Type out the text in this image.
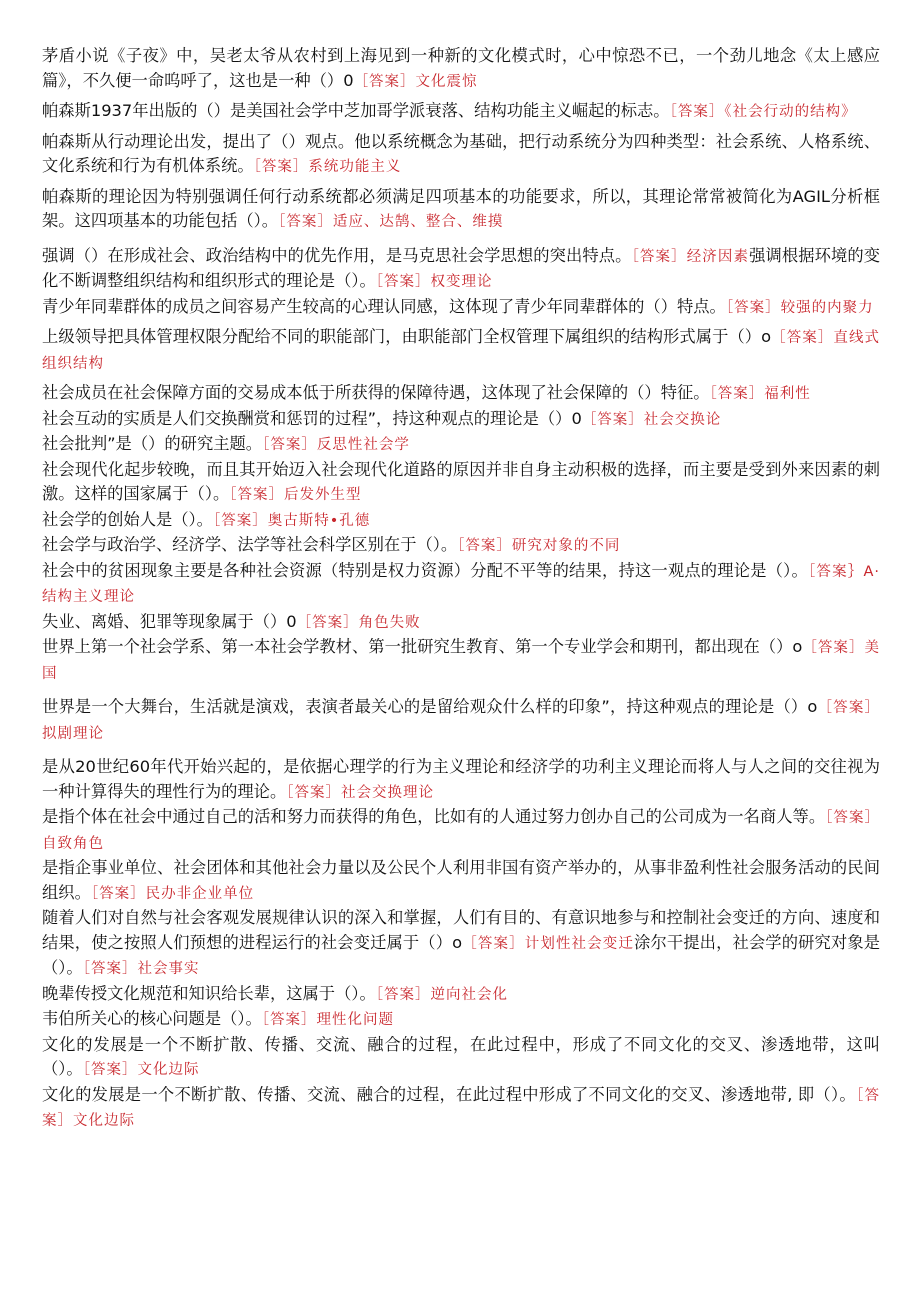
茅盾小说《子夜》中，吴老太爷从农村到上海见到一种新的文化模式时，心中惊恐不已，一个劲儿地念《太上感应篇》，不久便一命呜呼了，这也是一种（）0［答案］文化震惊

帕森斯1937年出版的（）是美国社会学中芝加哥学派衰落、结构功能主义崛起的标志。［答案］《社会行动的结构》

帕森斯从行动理论出发，提出了（）观点。他以系统概念为基础，把行动系统分为四种类型：社会系统、人格系统、文化系统和行为有机体系统。［答案］系统功能主义

帕森斯的理论因为特别强调任何行动系统都必须满足四项基本的功能要求，所以，其理论常常被简化为AGIL分析框架。这四项基本的功能包括（）。［答案］适应、达鹄、整合、维摸

强调（）在形成社会、政治结构中的优先作用，是马克思社会学思想的突出特点。［答案］经济因素强调根据环境的变化不断调整组织结构和组织形式的理论是（）。［答案］权变理论

青少年同辈群体的成员之间容易产生较高的心理认同感，这体现了青少年同辈群体的（）特点。［答案］较强的内聚力

上级领导把具体管理权限分配给不同的职能部门，由职能部门全权管理下属组织的结构形式属于（）o［答案］直线式组织结构

社会成员在社会保障方面的交易成本低于所获得的保障待遇，这体现了社会保障的（）特征。［答案］福利性

社会互动的实质是人们交换酬赏和惩罚的过程”，持这种观点的理论是（）0［答案］社会交换论

社会批判”是（）的研究主题。［答案］反思性社会学

社会现代化起步较晚，而且其开始迈入社会现代化道路的原因并非自身主动积极的选择，而主要是受到外来因素的刺激。这样的国家属于（）。［答案］后发外生型

社会学的创始人是（）。［答案］奥古斯特•孔德

社会学与政治学、经济学、法学等社会科学区别在于（）。［答案］研究对象的不同

社会中的贫困现象主要是各种社会资源（特别是权力资源）分配不平等的结果，持这一观点的理论是（）。［答案｝A·结构主义理论

失业、离婚、犯罪等现象属于（）0［答案］角色失败

世界上第一个社会学系、第一本社会学教材、第一批研究生教育、第一个专业学会和期刊，都出现在（）o［答案］美国

世界是一个大舞台，生活就是演戏，表演者最关心的是留给观众什么样的印象”，持这种观点的理论是（）o［答案］拟剧理论

是从20世纪60年代开始兴起的，是依据心理学的行为主义理论和经济学的功利主义理论而将人与人之间的交往视为一种计算得失的理性行为的理论。［答案］社会交换理论

是指个体在社会中通过自己的活和努力而获得的角色，比如有的人通过努力创办自己的公司成为一名商人等。［答案］自致角色

是指企事业单位、社会团体和其他社会力量以及公民个人利用非国有资产举办的，从事非盈利性社会服务活动的民间组织。［答案］民办非企业单位

随着人们对自然与社会客观发展规律认识的深入和掌握，人们有目的、有意识地参与和控制社会变迁的方向、速度和结果，使之按照人们预想的进程运行的社会变迁属于（）o［答案］计划性社会变迁涂尔干提出，社会学的研究对象是（）。［答案］社会事实

晚辈传授文化规范和知识给长辈，这属于（）。［答案］逆向社会化

韦伯所关心的核心问题是（）。［答案］理性化问题

文化的发展是一个不断扩散、传播、交流、融合的过程，在此过程中，形成了不同文化的交叉、渗透地带，这叫（）。［答案］文化边际

文化的发展是一个不断扩散、传播、交流、融合的过程，在此过程中形成了不同文化的交叉、渗透地带, 即（）。［答案］文化边际
